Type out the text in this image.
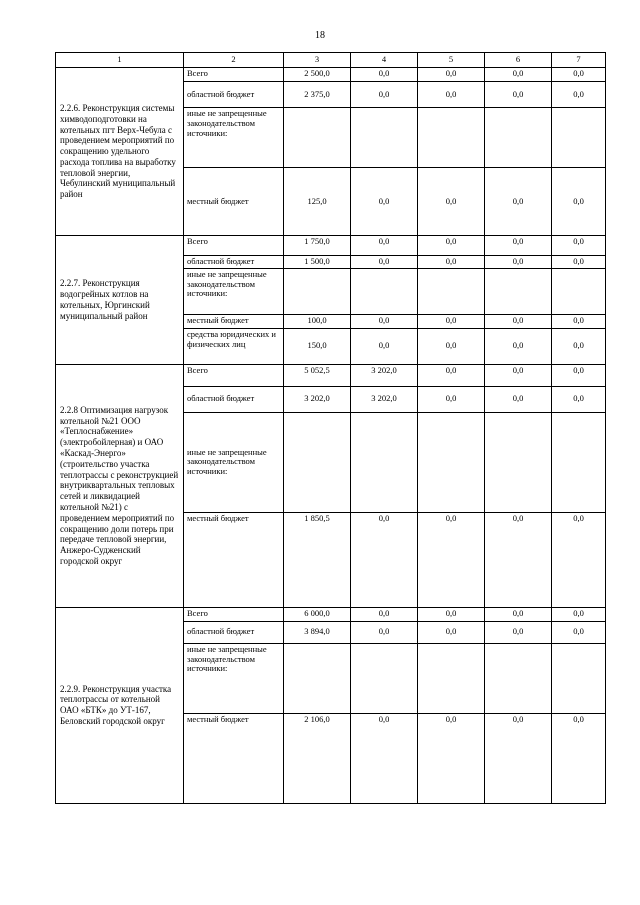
18
1	2	3	4	5	6	7
2.2.6. Реконструкция системы химводоподготовки на котельных пгт Верх-Чебула с проведением мероприятий по сокращению удельного расхода топлива на выработку тепловой энергии, Чебулинский муниципальный район	Всего	2 500,0	0,0	0,0	0,0	0,0
	областной бюджет	2 375,0	0,0	0,0	0,0	0,0
	иные не запрещенные законодательством источники:					
	местный бюджет	125,0	0,0	0,0	0,0	0,0
2.2.7. Реконструкция водогрейных котлов на котельных, Юргинский муниципальный район	Всего	1 750,0	0,0	0,0	0,0	0,0
	областной бюджет	1 500,0	0,0	0,0	0,0	0,0
	иные не запрещенные законодательством источники:					
	местный бюджет	100,0	0,0	0,0	0,0	0,0
	средства юридических и физических лиц	150,0	0,0	0,0	0,0	0,0
2.2.8 Оптимизация нагрузок котельной №21 ООО «Теплоснабжение» (электробойлерная) и ОАО «Каскад-Энерго» (строительство участка теплотрассы с реконструкцией внутриквартальных тепловых сетей и ликвидацией котельной №21) с проведением мероприятий по сокращению доли потерь при передаче тепловой энергии, Анжеро-Судженский городской округ	Всего	5 052,5	3 202,0	0,0	0,0	0,0
	областной бюджет	3 202,0	3 202,0	0,0	0,0	0,0
	иные не запрещенные законодательством источники:					
	местный бюджет	1 850,5	0,0	0,0	0,0	0,0
2.2.9. Реконструкция участка теплотрассы от котельной ОАО «БТК» до УТ-167, Беловский городской округ	Всего	6 000,0	0,0	0,0	0,0	0,0
	областной бюджет	3 894,0	0,0	0,0	0,0	0,0
	иные не запрещенные законодательством источники:					
	местный бюджет	2 106,0	0,0	0,0	0,0	0,0
